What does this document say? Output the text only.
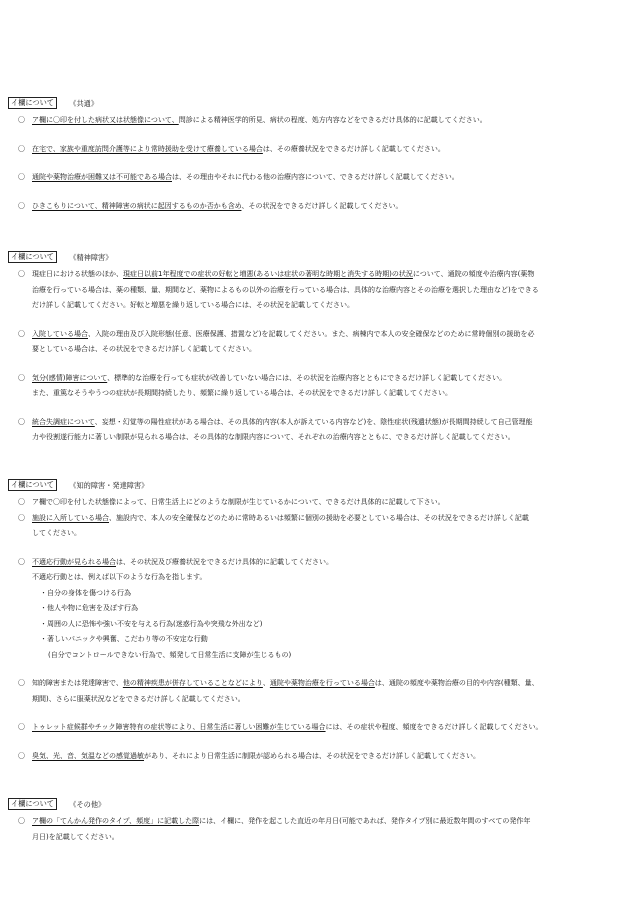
イ欄について 《共通》
〇 ア欄に〇印を付した病状又は状態像について、問診による精神医学的所見、病状の程度、処方内容などをできるだけ具体的に記載してください。
〇 在宅で、家族や重度訪問介護等により常時援助を受けて療養している場合は、その療養状況をできるだけ詳しく記載してください。
〇 通院や薬物治療が困難又は不可能である場合は、その理由やそれに代わる他の治療内容について、できるだけ詳しく記載してください。
〇 ひきこもりについて、精神障害の病状に起因するものか否かも含め、その状況をできるだけ詳しく記載してください。
イ欄について 《精神障害》
〇 現症日における状態のほか、現症日以前1年程度での症状の好転と増悪(あるいは症状の著明な時期と消失する時期)の状況について、通院の頻度や治療内容(薬物
治療を行っている場合は、薬の種類、量、期間など、薬物によるもの以外の治療を行っている場合は、具体的な治療内容とその治療を選択した理由など)をできる
だけ詳しく記載してください。好転と増悪を繰り返している場合には、その状況を記載してください。
〇 入院している場合、入院の理由及び入院形態(任意、医療保護、措置など)を記載してください。また、病棟内で本人の安全確保などのために常時個別の援助を必
要としている場合は、その状況をできるだけ詳しく記載してください。
〇 気分(感情)障害について、標準的な治療を行っても症状が改善していない場合には、その状況を治療内容とともにできるだけ詳しく記載してください。
また、重篤なそうやうつの症状が長期間持続したり、頻繁に繰り返している場合は、その状況をできるだけ詳しく記載してください。
〇 統合失調症について、妄想・幻覚等の陽性症状がある場合は、その具体的内容(本人が訴えている内容など)を、陰性症状(残遺状態)が長期間持続して自己管理能
力や役割遂行能力に著しい制限が見られる場合は、その具体的な制限内容について、それぞれの治療内容とともに、できるだけ詳しく記載してください。
イ欄について 《知的障害・発達障害》
〇 ア欄で〇印を付した状態像によって、日常生活上にどのような制限が生じているかについて、できるだけ具体的に記載して下さい。
〇 施設に入所している場合、施設内で、本人の安全確保などのために常時あるいは頻繁に個別の援助を必要としている場合は、その状況をできるだけ詳しく記載
してください。
〇 不適応行動が見られる場合は、その状況及び療養状況をできるだけ具体的に記載してください。
不適応行動とは、例えば以下のような行為を指します。
・自分の身体を傷つける行為
・他人や物に危害を及ぼす行為
・周囲の人に恐怖や強い不安を与える行為(迷惑行為や突飛な外出など)
・著しいパニックや興奮、こだわり等の不安定な行動
(自分でコントロールできない行為で、頻発して日常生活に支障が生じるもの)
〇 知的障害または発達障害で、他の精神疾患が併存していることなどにより、通院や薬物治療を行っている場合は、通院の頻度や薬物治療の目的や内容(種類、量、
期間)、さらに服薬状況などをできるだけ詳しく記載してください。
〇 トゥレット症候群やチック障害特有の症状等により、日常生活に著しい困難が生じている場合には、その症状や程度、頻度をできるだけ詳しく記載してください。
〇 臭気、光、音、気温などの感覚過敏があり、それにより日常生活に制限が認められる場合は、その状況をできるだけ詳しく記載してください。
イ欄について 《その他》
〇 ア欄の「てんかん発作のタイプ、頻度」に記載した際には、イ欄に、発作を起こした直近の年月日(可能であれば、発作タイプ別に最近数年間のすべての発作年
月日)を記載してください。
